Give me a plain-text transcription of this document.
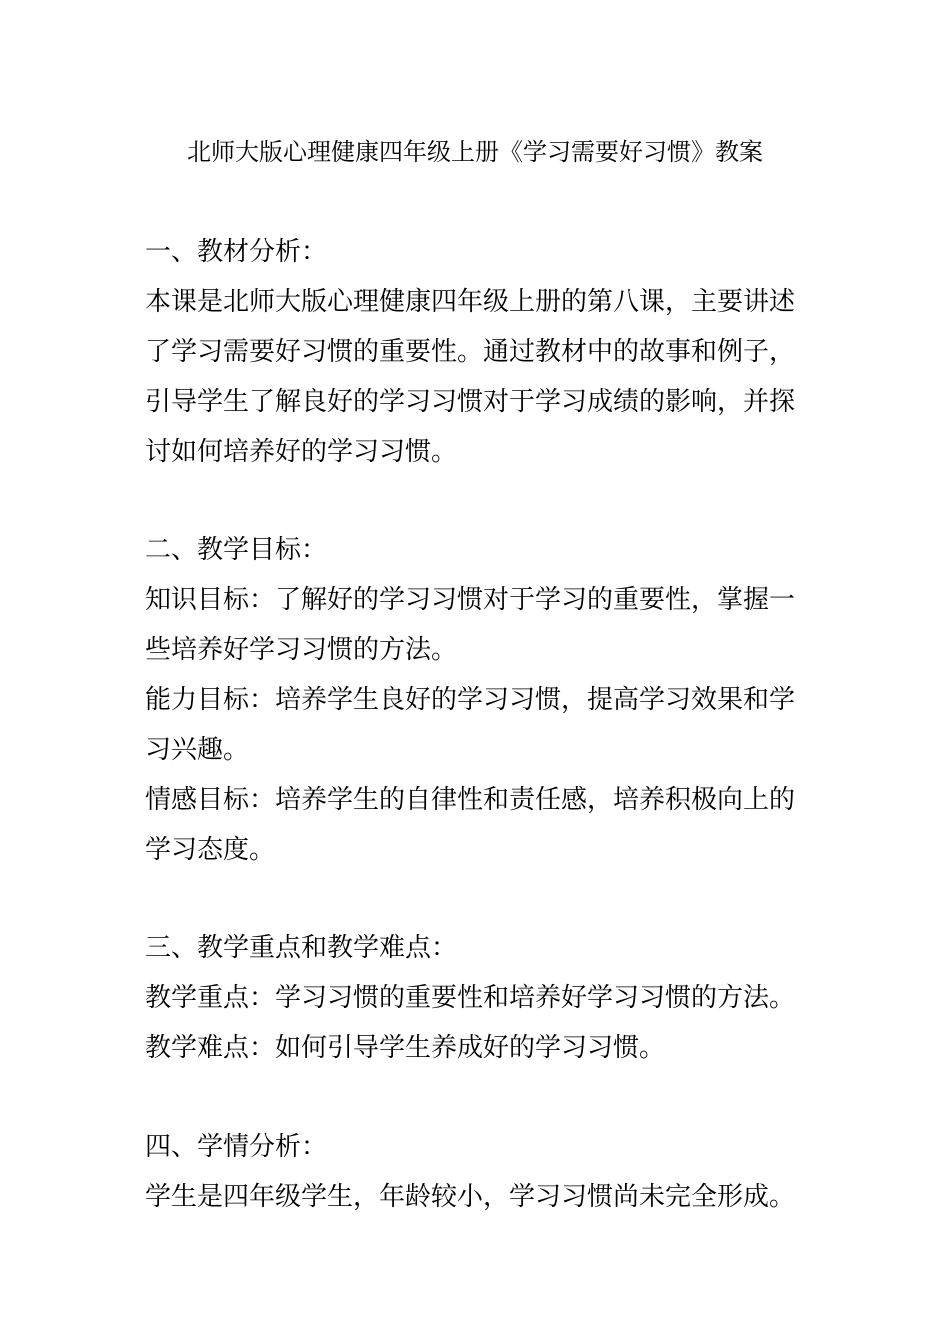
北师大版心理健康四年级上册《学习需要好习惯》教案
一、教材分析：
本课是北师大版心理健康四年级上册的第八课，主要讲述
了学习需要好习惯的重要性。通过教材中的故事和例子，
引导学生了解良好的学习习惯对于学习成绩的影响，并探
讨如何培养好的学习习惯。
二、教学目标：
知识目标：了解好的学习习惯对于学习的重要性，掌握一
些培养好学习习惯的方法。
能力目标：培养学生良好的学习习惯，提高学习效果和学
习兴趣。
情感目标：培养学生的自律性和责任感，培养积极向上的
学习态度。
三、教学重点和教学难点：
教学重点：学习习惯的重要性和培养好学习习惯的方法。
教学难点：如何引导学生养成好的学习习惯。
四、学情分析：
学生是四年级学生，年龄较小，学习习惯尚未完全形成。
